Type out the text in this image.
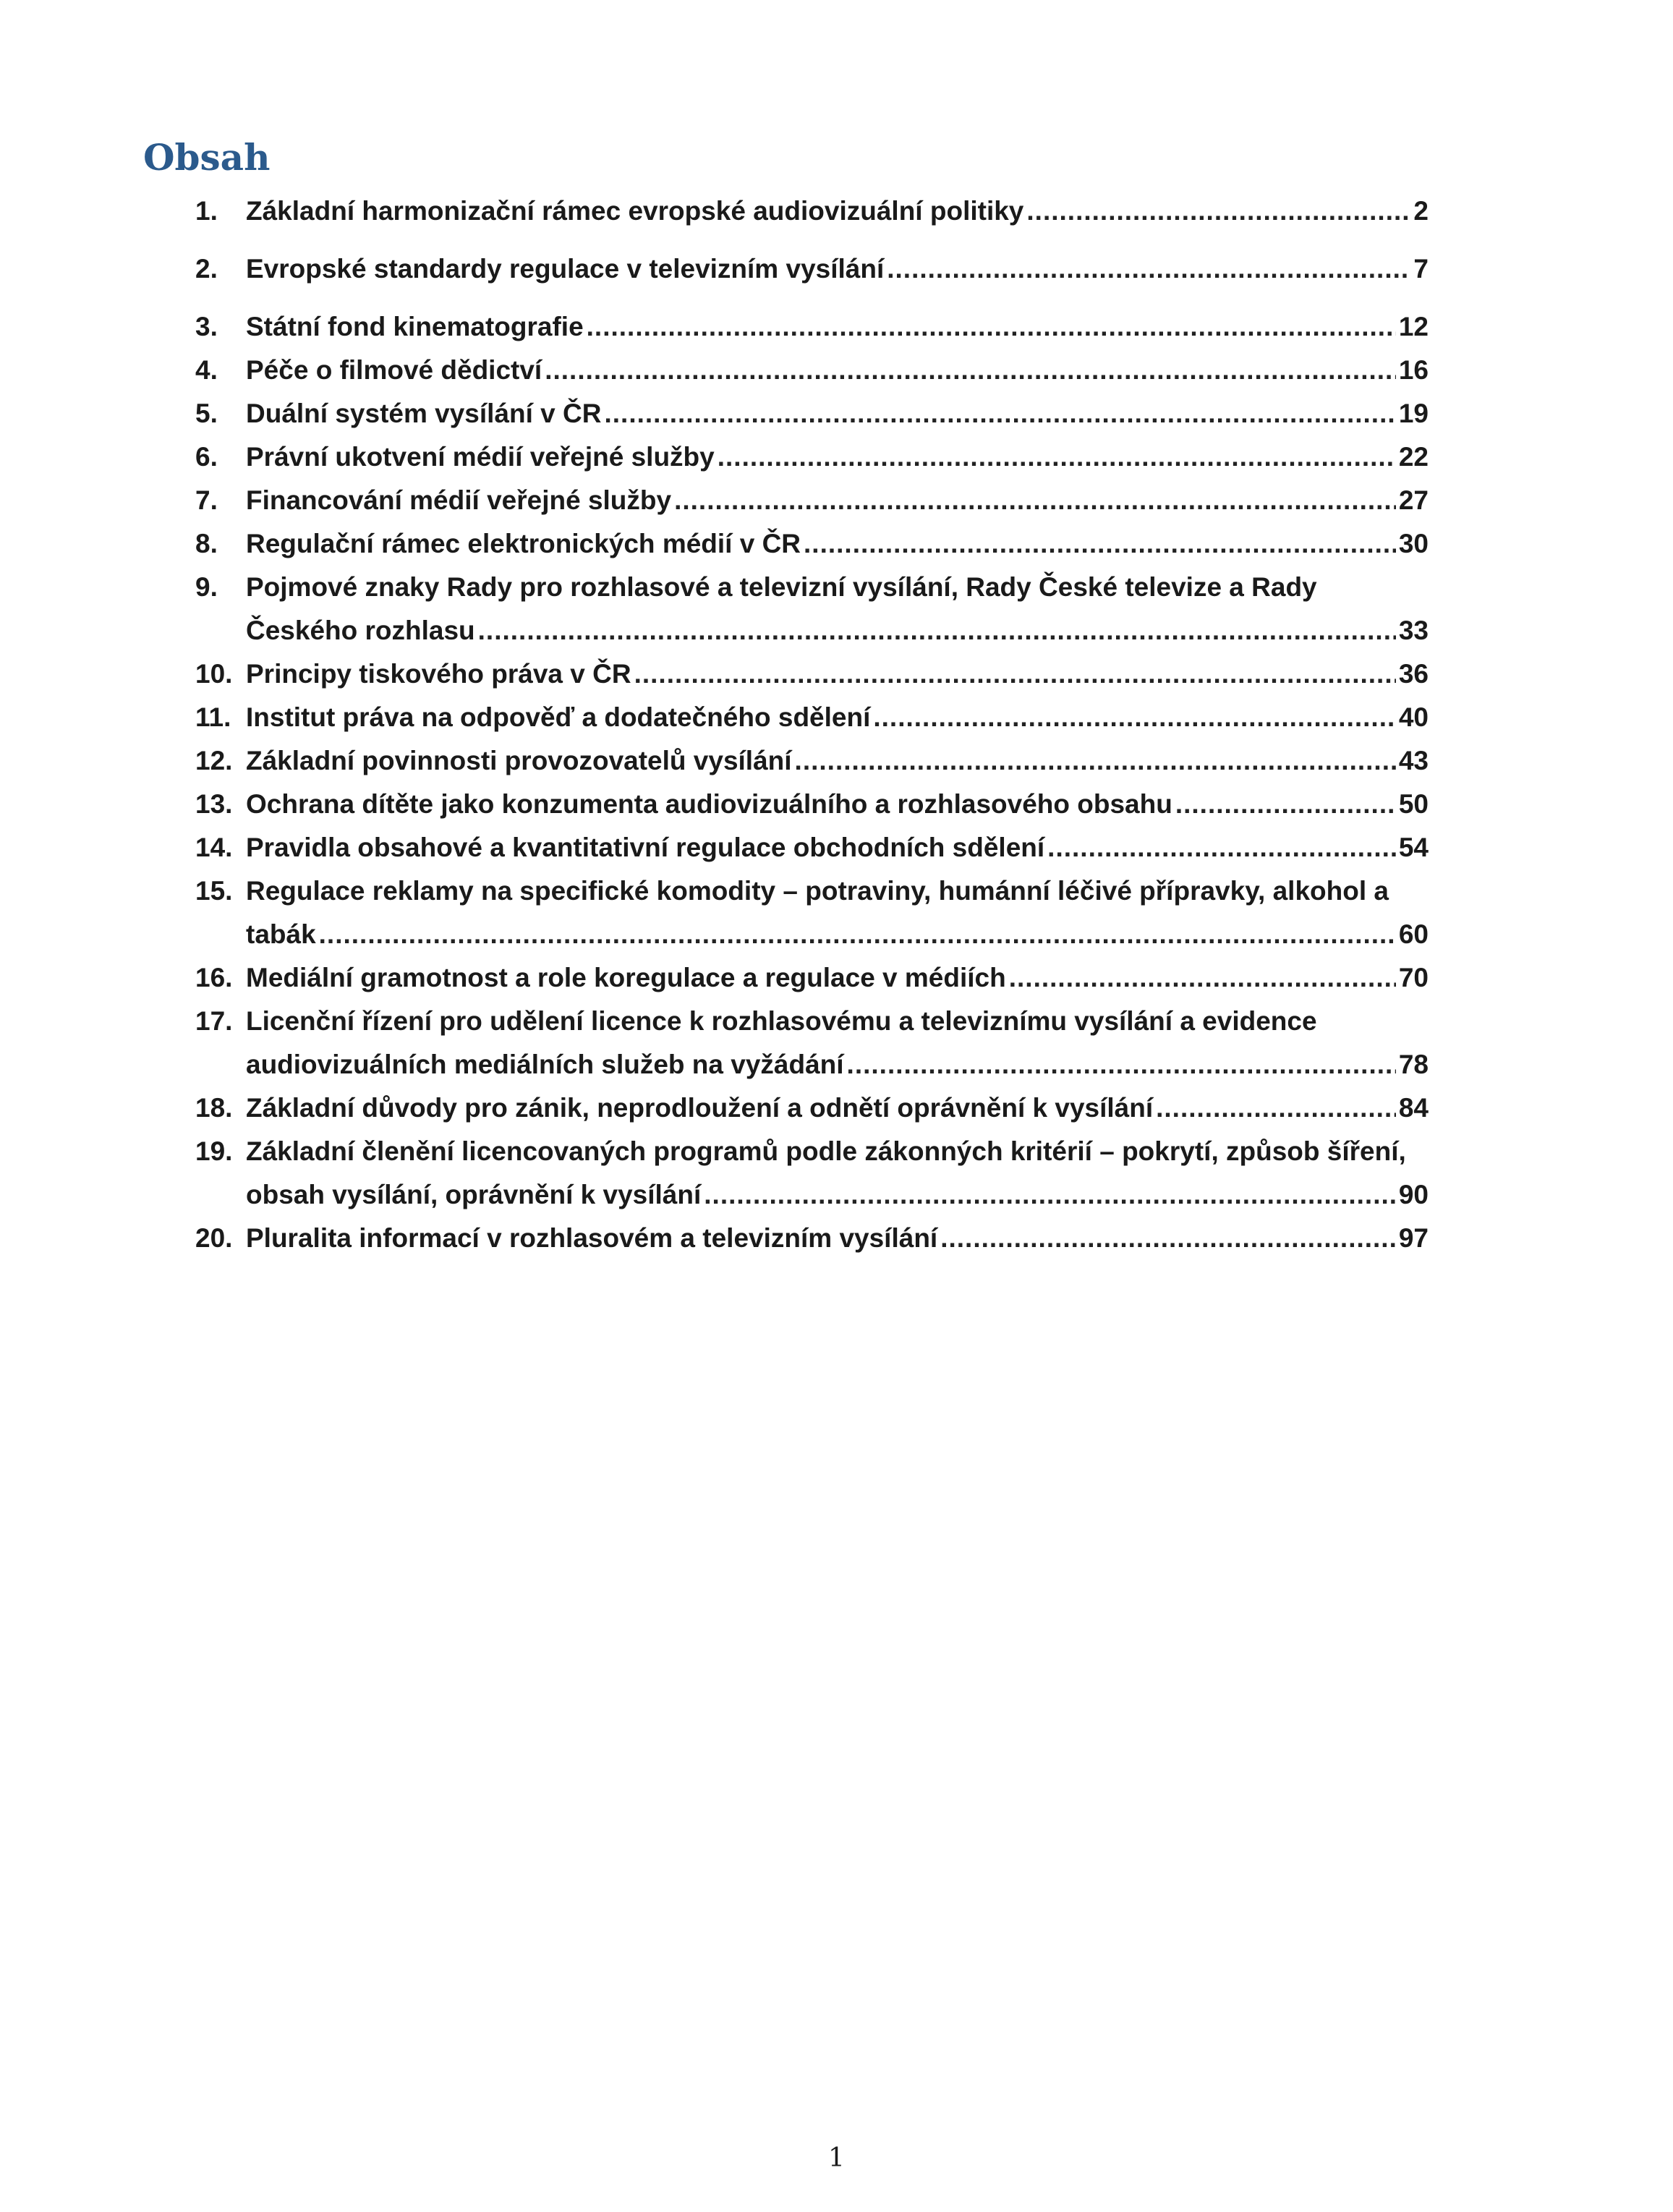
Obsah
1.	Základní harmonizační rámec evropské audiovizuální politiky .....	2
2.	Evropské standardy regulace v televizním vysílání .....	7
3.	Státní fond kinematografie .....	12
4.	Péče o filmové dědictví .....	16
5.	Duální systém vysílání v ČR .....	19
6.	Právní ukotvení médií veřejné služby .....	22
7.	Financování médií veřejné služby .....	27
8.	Regulační rámec elektronických médií v ČR .....	30
9.	Pojmové znaky Rady pro rozhlasové a televizní vysílání, Rady České televize a Rady
Českého rozhlasu .....	33
10. Principy tiskového práva v ČR .....	36
11. Institut práva na odpověď a dodatečného sdělení .....	40
12. Základní povinnosti provozovatelů vysílání .....	43
13. Ochrana dítěte jako konzumenta audiovizuálního a rozhlasového obsahu .....	50
14. Pravidla obsahové a kvantitativní regulace obchodních sdělení .....	54
15. Regulace reklamy na specifické komodity – potraviny, humánní léčivé přípravky, alkohol a
tabák .....	60
16. Mediální gramotnost a role koregulace a regulace v médiích .....	70
17. Licenční řízení pro udělení licence k rozhlasovému a televiznímu vysílání a evidence
audiovizuálních mediálních služeb na vyžádání .....	78
18. Základní důvody pro zánik, neprodloužení a odnětí oprávnění k vysílání .....	84
19. Základní členění licencovaných programů podle zákonných kritérií – pokrytí, způsob šíření,
obsah vysílání, oprávnění k vysílání .....	90
20. Pluralita informací v rozhlasovém a televizním vysílání .....	97
1
